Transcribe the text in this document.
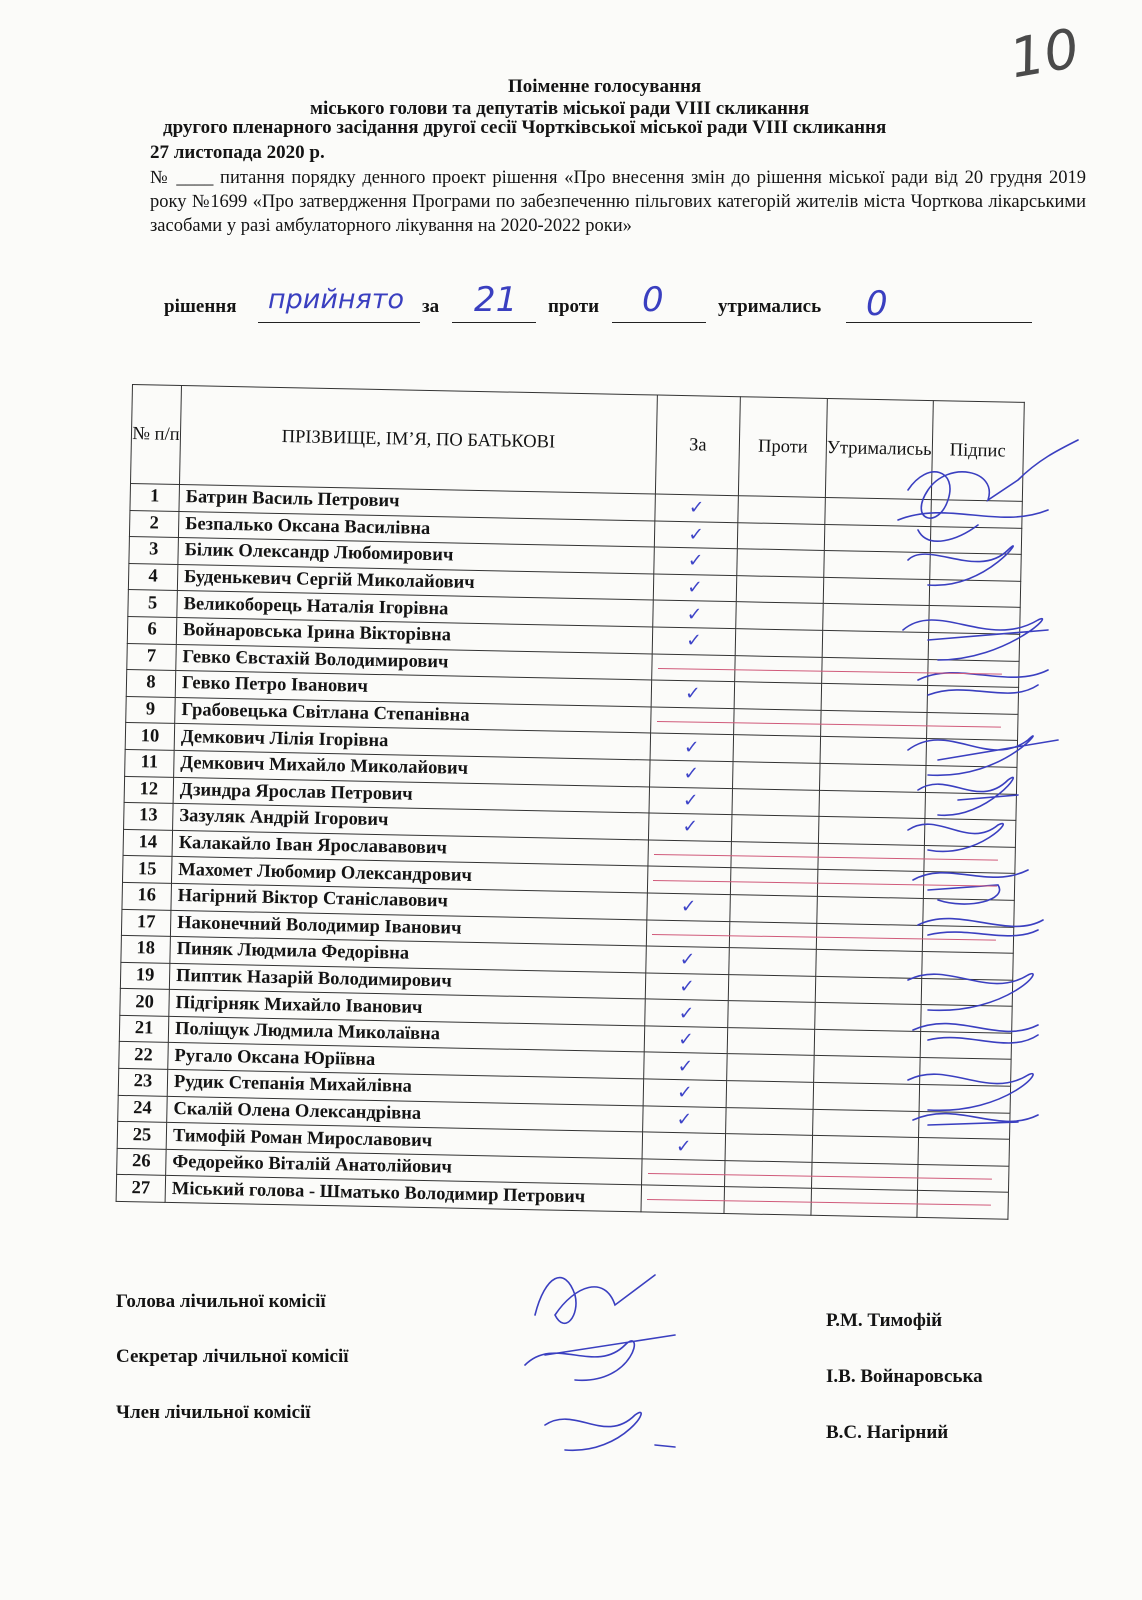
10
Поіменне голосування
міського голови та депутатів міської ради VIII скликання
другого пленарного засідання другої сесії Чортківської міської ради VIII скликання
27 листопада 2020 р.
№ ____ питання порядку денного проект рішення «Про внесення змін до рішення міської ради від 20 грудня 2019 року №1699 «Про затвердження Програми по забезпеченню пільгових категорій жителів міста Чорткова лікарськими засобами у разі амбулаторного лікування на 2020-2022 роки»
рішення прийнято за 21 проти 0	утримались 0
№ п/п	ПРІЗВИЩЕ, ІМ’Я, ПО БАТЬКОВІ	За	Проти	Утрималисьь	Підпис
1	Батрин Василь Петрович	✓			
2	Безпалько Оксана Василівна	✓			
3	Білик Олександр Любомирович	✓			
4	Буденькевич Сергій Миколайович	✓			
5	Великоборець Наталія Ігорівна	✓			
6	Войнаровська Ірина Вікторівна	✓			
7	Гевко Євстахій Володимирович				
8	Гевко Петро Іванович	✓			
9	Грабовецька Світлана Степанівна				
10	Демкович Лілія Ігорівна	✓			
11	Демкович Михайло Миколайович	✓			
12	Дзиндра Ярослав Петрович	✓			
13	Зазуляк Андрій Ігорович	✓			
14	Калакайло Іван Ярослававович				
15	Махомет Любомир Олександрович				
16	Нагірний Віктор Станіславович	✓			
17	Наконечний Володимир Іванович				
18	Пиняк Людмила Федорівна	✓			
19	Пиптик Назарій Володимирович	✓			
20	Підгірняк Михайло Іванович	✓			
21	Поліщук Людмила Миколаївна	✓			
22	Ругало Оксана Юріївна	✓			
23	Рудик Степанія Михайлівна	✓			
24	Скалій Олена Олександрівна	✓			
25	Тимофій Роман Мирославович	✓			
26	Федорейко Віталій Анатолійович				
27	Міський голова - Шматько Володимир Петрович				
Голова лічильної комісії
Р.М. Тимофій
Секретар лічильної комісії
І.В. Войнаровська
Член лічильної комісії
В.С. Нагірний
